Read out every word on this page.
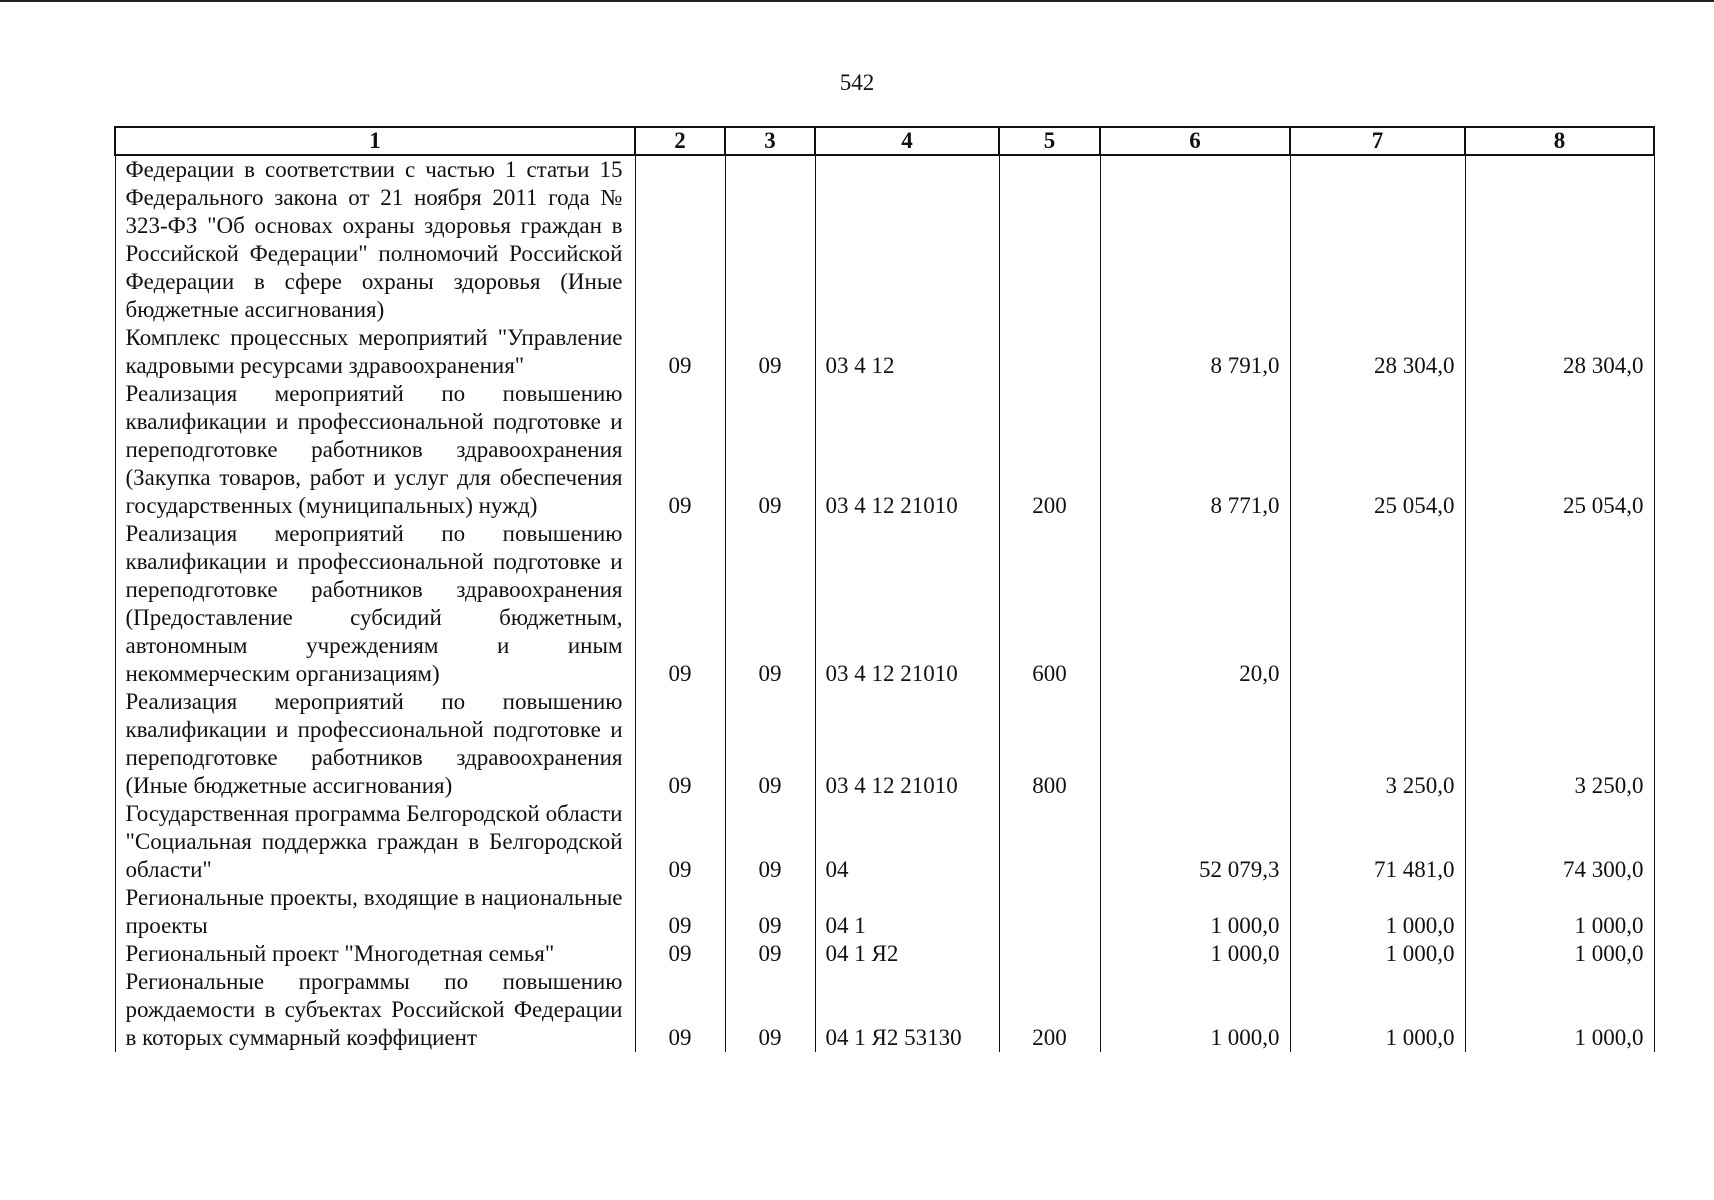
542
1	2	3	4	5	6	7	8
Федерации в соответствии с частью 1 статьи 15 Федерального закона от 21 ноября 2011 года № 323-ФЗ "Об основах охраны здоровья граждан в Российской Федерации" полномочий Российской Федерации в сфере охраны здоровья (Иные бюджетные ассигнования)							
Комплекс процессных мероприятий "Управление кадровыми ресурсами здравоохранения"	09	09	03 4 12		8 791,0	28 304,0	28 304,0
Реализация мероприятий по повышению квалификации и профессиональной подготовке и переподготовке работников здравоохранения (Закупка товаров, работ и услуг для обеспечения государственных (муниципальных) нужд)	09	09	03 4 12 21010	200	8 771,0	25 054,0	25 054,0
Реализация мероприятий по повышению квалификации и профессиональной подготовке и переподготовке работников здравоохранения (Предоставление субсидий бюджетным, автономным учреждениям и иным некоммерческим организациям)	09	09	03 4 12 21010	600	20,0		
Реализация мероприятий по повышению квалификации и профессиональной подготовке и переподготовке работников здравоохранения (Иные бюджетные ассигнования)	09	09	03 4 12 21010	800		3 250,0	3 250,0
Государственная программа Белгородской области "Социальная поддержка граждан в Белгородской области"	09	09	04		52 079,3	71 481,0	74 300,0
Региональные проекты, входящие в национальные проекты	09	09	04 1		1 000,0	1 000,0	1 000,0
Региональный проект "Многодетная семья"	09	09	04 1 Я2		1 000,0	1 000,0	1 000,0
Региональные программы по повышению рождаемости в субъектах Российской Федерации в которых суммарный коэффициент	09	09	04 1 Я2 53130	200	1 000,0	1 000,0	1 000,0
